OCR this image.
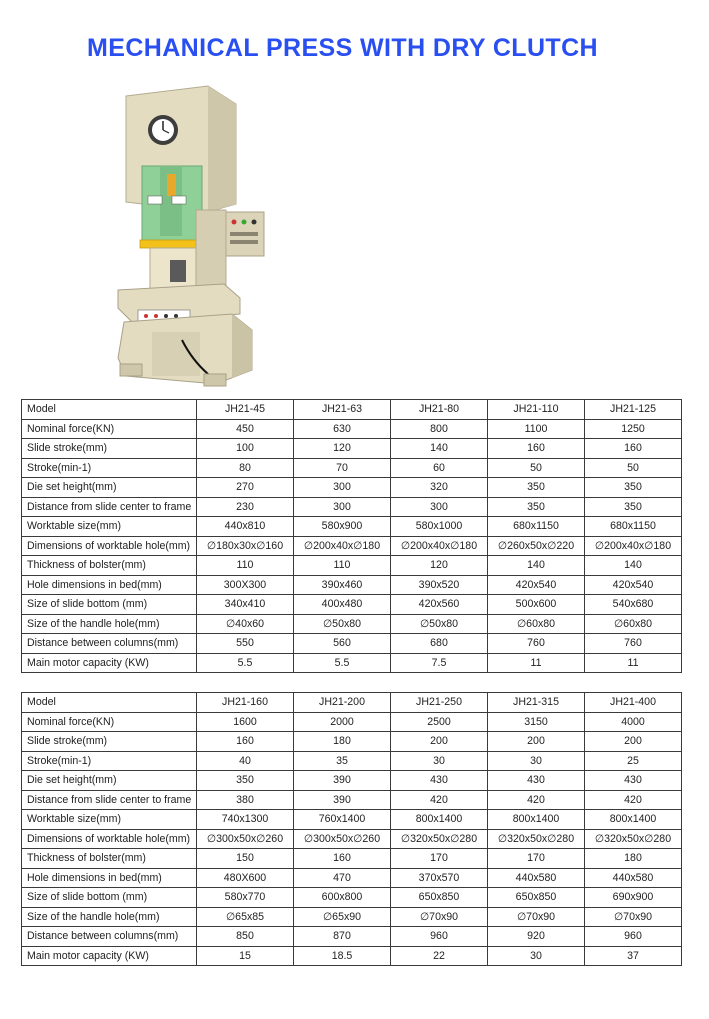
MECHANICAL PRESS WITH DRY CLUTCH
Model	JH21-45	JH21-63	JH21-80	JH21-110	JH21-125
Nominal force(KN)	450	630	800	1100	1250
Slide stroke(mm)	100	120	140	160	160
Stroke(min-1)	80	70	60	50	50
Die set height(mm)	270	300	320	350	350
Distance from slide center to frame	230	300	300	350	350
Worktable size(mm)	440x810	580x900	580x1000	680x1150	680x1150
Dimensions of worktable hole(mm)	∅180x30x∅160	∅200x40x∅180	∅200x40x∅180	∅260x50x∅220	∅200x40x∅180
Thickness of bolster(mm)	110	110	120	140	140
Hole dimensions in bed(mm)	300X300	390x460	390x520	420x540	420x540
Size of slide bottom (mm)	340x410	400x480	420x560	500x600	540x680
Size of the handle hole(mm)	∅40x60	∅50x80	∅50x80	∅60x80	∅60x80
Distance between columns(mm)	550	560	680	760	760
Main motor capacity (KW)	5.5	5.5	7.5	11	11
Model	JH21-160	JH21-200	JH21-250	JH21-315	JH21-400
Nominal force(KN)	1600	2000	2500	3150	4000
Slide stroke(mm)	160	180	200	200	200
Stroke(min-1)	40	35	30	30	25
Die set height(mm)	350	390	430	430	430
Distance from slide center to frame	380	390	420	420	420
Worktable size(mm)	740x1300	760x1400	800x1400	800x1400	800x1400
Dimensions of worktable hole(mm)	∅300x50x∅260	∅300x50x∅260	∅320x50x∅280	∅320x50x∅280	∅320x50x∅280
Thickness of bolster(mm)	150	160	170	170	180
Hole dimensions in bed(mm)	480X600	470	370x570	440x580	440x580
Size of slide bottom (mm)	580x770	600x800	650x850	650x850	690x900
Size of the handle hole(mm)	∅65x85	∅65x90	∅70x90	∅70x90	∅70x90
Distance between columns(mm)	850	870	960	920	960
Main motor capacity (KW)	15	18.5	22	30	37
